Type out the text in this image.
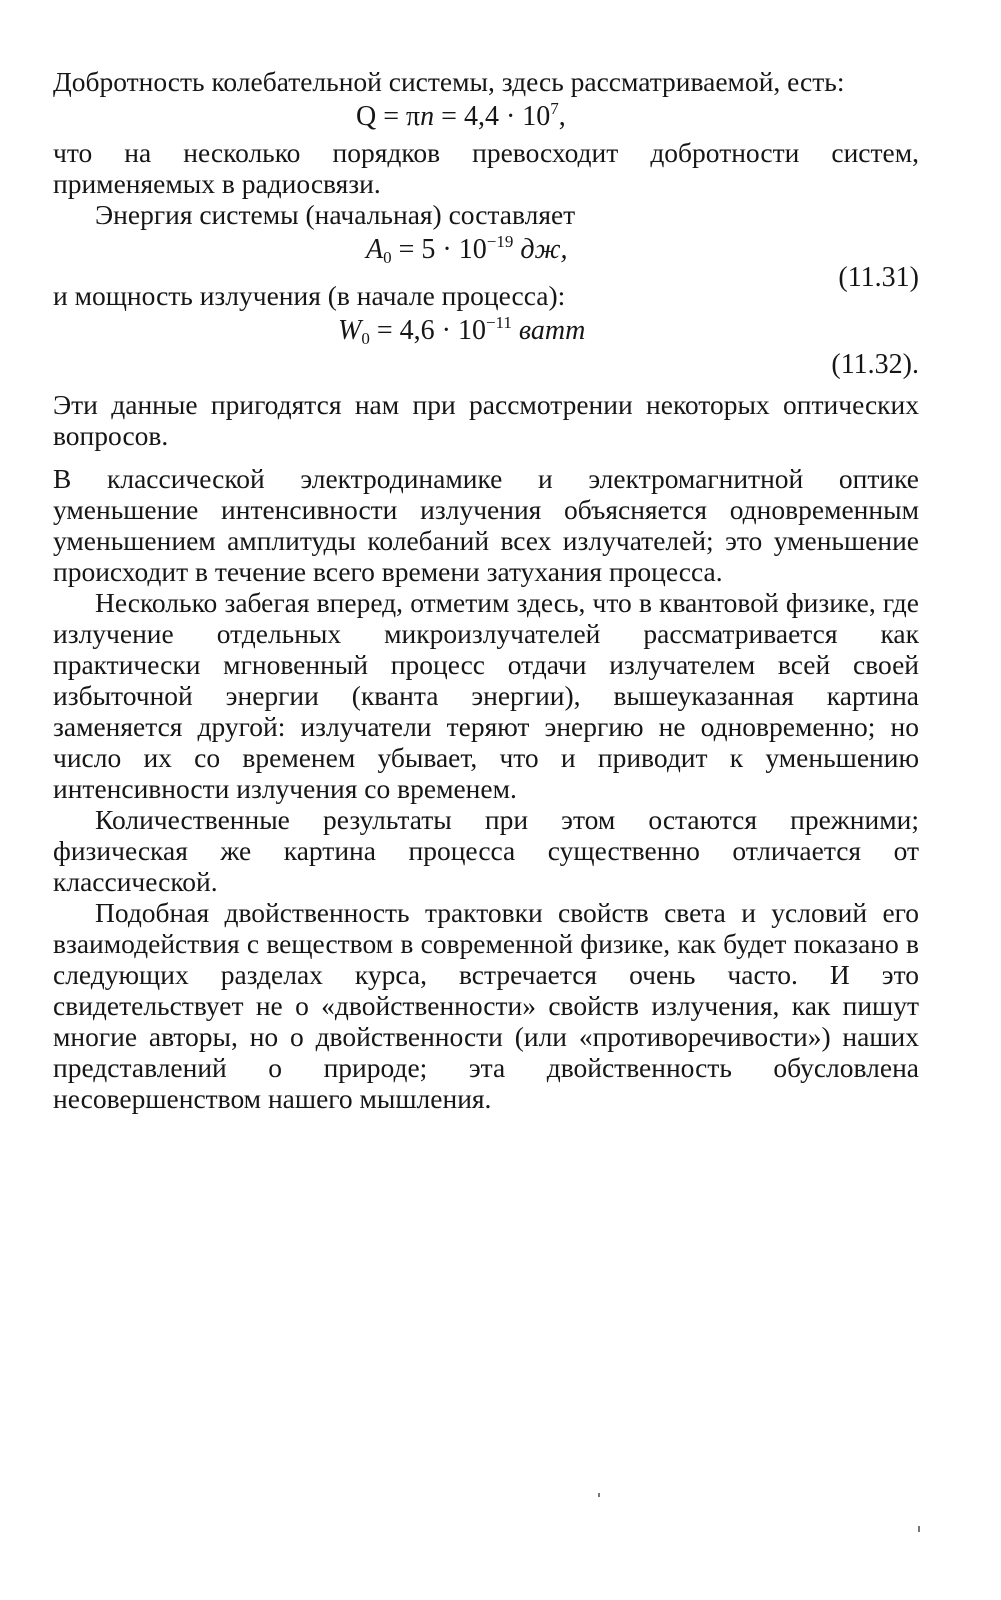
Добротность колебательной системы, здесь рассматриваемой, есть:

$Q = \pi n = 4,4 \cdot 10^7$,

что на несколько порядков превосходит добротности систем, применяемых в радиосвязи.

Энергия системы (начальная) составляет

$A_0 = 5 \cdot 10^{-19}$ дж,
(11.31)

и мощность излучения (в начале процесса):

$W_0 = 4,6 \cdot 10^{-11}$ ватт
(11.32).

Эти данные пригодятся нам при рассмотрении некоторых оптических вопросов.

В классической электродинамике и электромагнитной оптике уменьшение интенсивности излучения объясняется одновременным уменьшением амплитуды колебаний всех излучателей; это уменьшение происходит в течение всего времени затухания процесса.

Несколько забегая вперед, отметим здесь, что в квантовой физике, где излучение отдельных микроизлучателей рассматривается как практически мгновенный процесс отдачи излучателем всей своей избыточной энергии (кванта энергии), вышеуказанная картина заменяется другой: излучатели теряют энергию не одновременно; но число их со временем убывает, что и приводит к уменьшению интенсивности излучения со временем.

Количественные результаты при этом остаются прежними; физическая же картина процесса существенно отличается от классической.

Подобная двойственность трактовки свойств света и условий его взаимодействия с веществом в современной физике, как будет показано в следующих разделах курса, встречается очень часто. И это свидетельствует не о «двойственности» свойств излучения, как пишут многие авторы, но о двойственности (или «противоречивости») наших представлений о природе; эта двойственность обусловлена несовершенством нашего мышления.
